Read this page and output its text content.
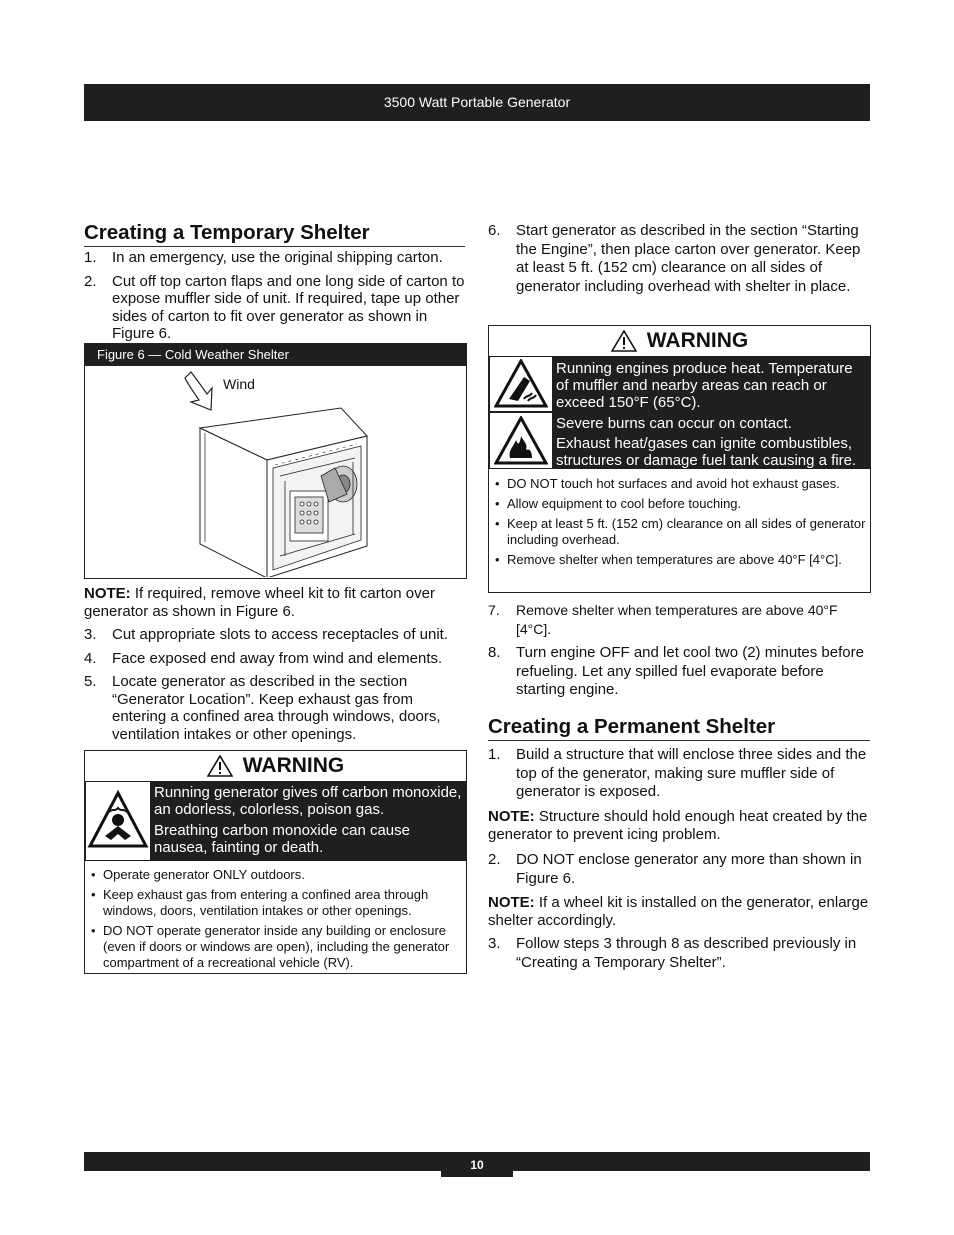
3500 Watt Portable Generator
Creating a Temporary Shelter
1. In an emergency, use the original shipping carton.
2. Cut off top carton flaps and one long side of carton to expose muffler side of unit. If required, tape up other sides of carton to fit over generator as shown in Figure 6.
Figure 6 — Cold Weather Shelter
Wind
NOTE: If required, remove wheel kit to fit carton over generator as shown in Figure 6.
3. Cut appropriate slots to access receptacles of unit.
4. Face exposed end away from wind and elements.
5. Locate generator as described in the section “Generator Location”. Keep exhaust gas from entering a confined area through windows, doors, ventilation intakes or other openings.
WARNING

Running generator gives off carbon monoxide, an odorless, colorless, poison gas.

Breathing carbon monoxide can cause nausea, fainting or death.

• Operate generator ONLY outdoors.
• Keep exhaust gas from entering a confined area through windows, doors, ventilation intakes or other openings.
• DO NOT operate generator inside any building or enclosure (even if doors or windows are open), including the generator compartment of a recreational vehicle (RV).
6. Start generator as described in the section “Starting the Engine”, then place carton over generator. Keep at least 5 ft. (152 cm) clearance on all sides of generator including overhead with shelter in place.
WARNING

Running engines produce heat. Temperature of muffler and nearby areas can reach or exceed 150°F (65°C).

Severe burns can occur on contact.

Exhaust heat/gases can ignite combustibles, structures or damage fuel tank causing a fire.

• DO NOT touch hot surfaces and avoid hot exhaust gases.
• Allow equipment to cool before touching.
• Keep at least 5 ft. (152 cm) clearance on all sides of generator including overhead.
• Remove shelter when temperatures are above 40°F [4°C].
7. Remove shelter when temperatures are above 40°F [4°C].
8. Turn engine OFF and let cool two (2) minutes before refueling. Let any spilled fuel evaporate before starting engine.
Creating a Permanent Shelter
1. Build a structure that will enclose three sides and the top of the generator, making sure muffler side of generator is exposed.
NOTE: Structure should hold enough heat created by the generator to prevent icing problem.
2. DO NOT enclose generator any more than shown in Figure 6.
NOTE: If a wheel kit is installed on the generator, enlarge shelter accordingly.
3. Follow steps 3 through 8 as described previously in “Creating a Temporary Shelter”.
10
